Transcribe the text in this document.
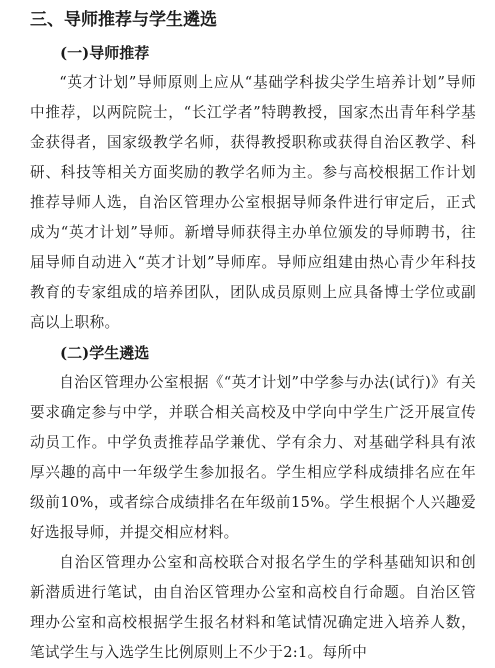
三、导师推荐与学生遴选
(一)导师推荐

“英才计划”导师原则上应从“基础学科拔尖学生培养计划”导师中推荐，以两院院士，“长江学者”特聘教授，国家杰出青年科学基金获得者，国家级教学名师，获得教授职称或获得自治区教学、科研、科技等相关方面奖励的教学名师为主。参与高校根据工作计划推荐导师人选，自治区管理办公室根据导师条件进行审定后，正式成为“英才计划”导师。新增导师获得主办单位颁发的导师聘书，往届导师自动进入“英才计划”导师库。导师应组建由热心青少年科技教育的专家组成的培养团队，团队成员原则上应具备博士学位或副高以上职称。

(二)学生遴选

自治区管理办公室根据《“英才计划”中学参与办法(试行)》有关要求确定参与中学，并联合相关高校及中学向中学生广泛开展宣传动员工作。中学负责推荐品学兼优、学有余力、对基础学科具有浓厚兴趣的高中一年级学生参加报名。学生相应学科成绩排名应在年级前10%，或者综合成绩排名在年级前15%。学生根据个人兴趣爱好选报导师，并提交相应材料。

自治区管理办公室和高校联合对报名学生的学科基础知识和创新潜质进行笔试，由自治区管理办公室和高校自行命题。自治区管理办公室和高校根据学生报名材料和笔试情况确定进入培养人数，笔试学生与入选学生比例原则上不少于2:1。每所中
